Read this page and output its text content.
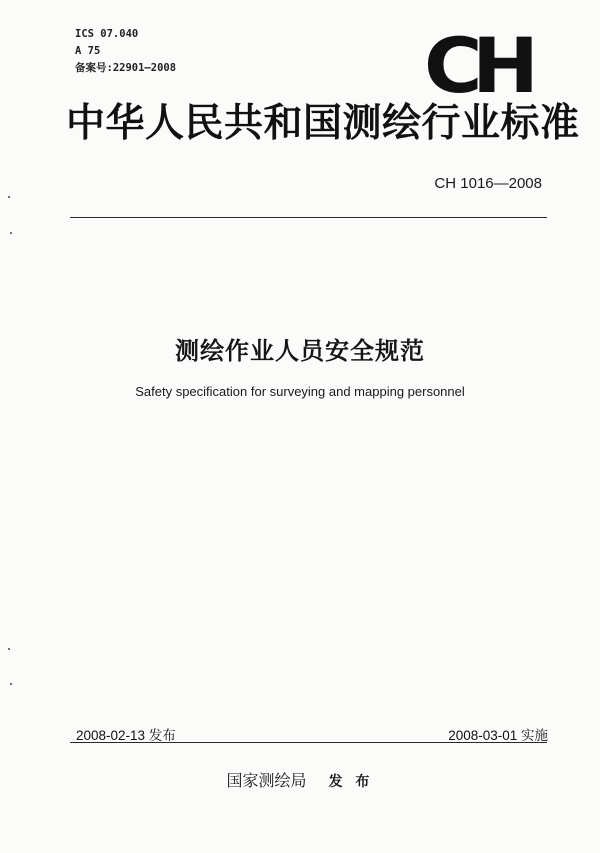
ICS 07.040
A 75
备案号:22901—2008	CH
中华人民共和国测绘行业标准
CH 1016—2008
测绘作业人员安全规范
Safety specification for surveying and mapping personnel
2008-02-13 发布	2008-03-01 实施
国家测绘局 发 布
